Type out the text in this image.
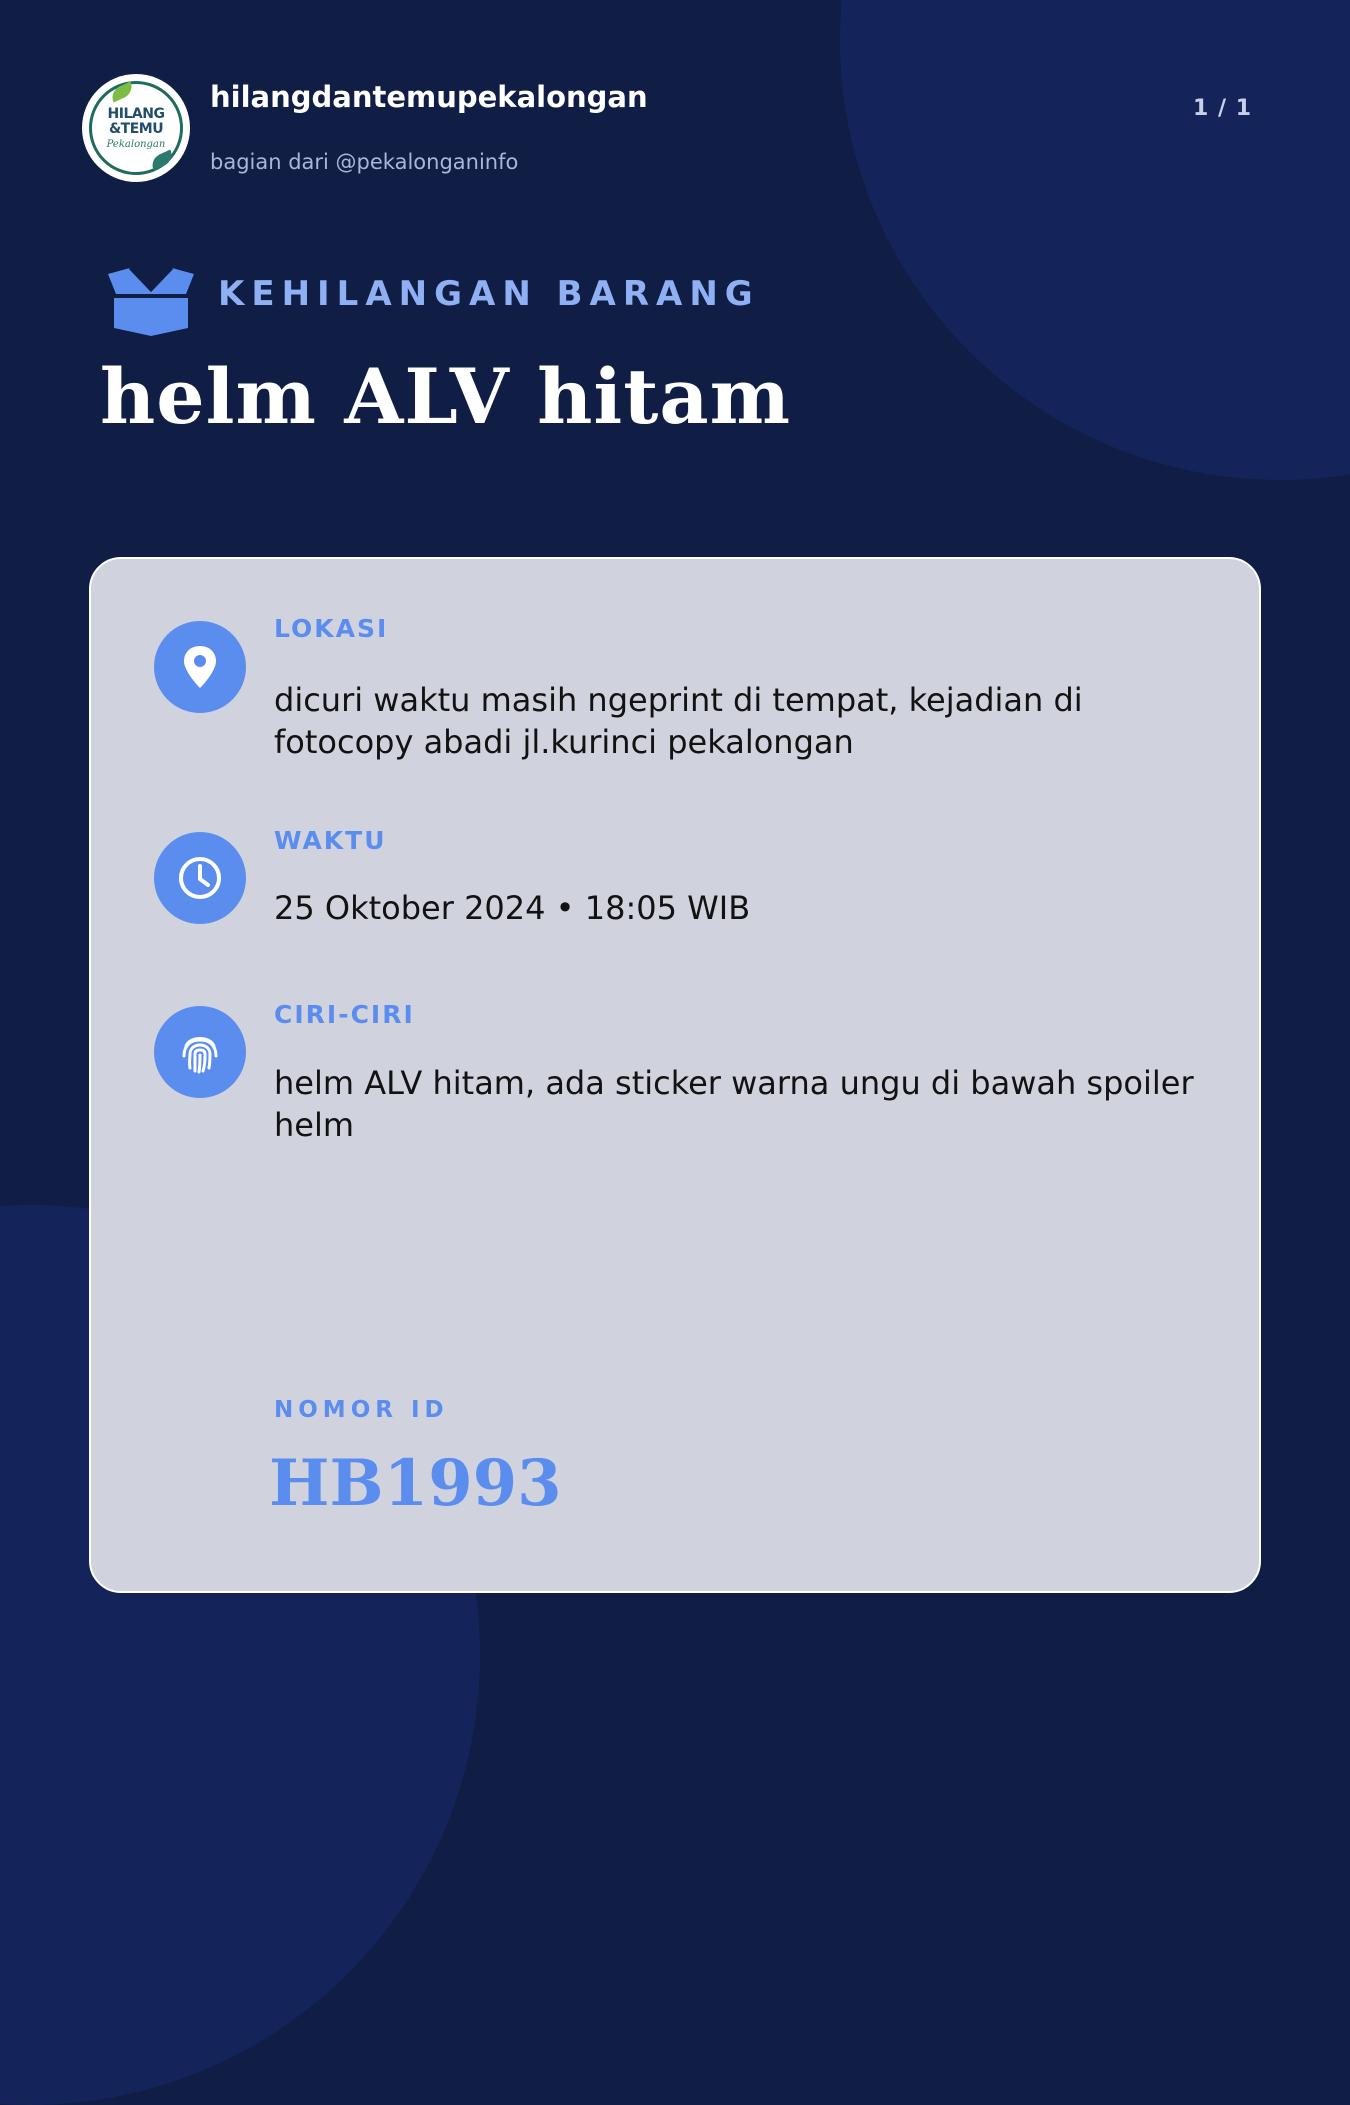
HILANG
&TEMU
Pekalongan
hilangdantemupekalongan
bagian dari @pekalonganinfo
1 / 1
KEHILANGAN BARANG
helm ALV hitam
LOKASI
dicuri waktu masih ngeprint di tempat, kejadian di fotocopy abadi jl.kurinci pekalongan
WAKTU
25 Oktober 2024 • 18:05 WIB
CIRI-CIRI
helm ALV hitam, ada sticker warna ungu di bawah spoiler helm
NOMOR ID
HB1993
